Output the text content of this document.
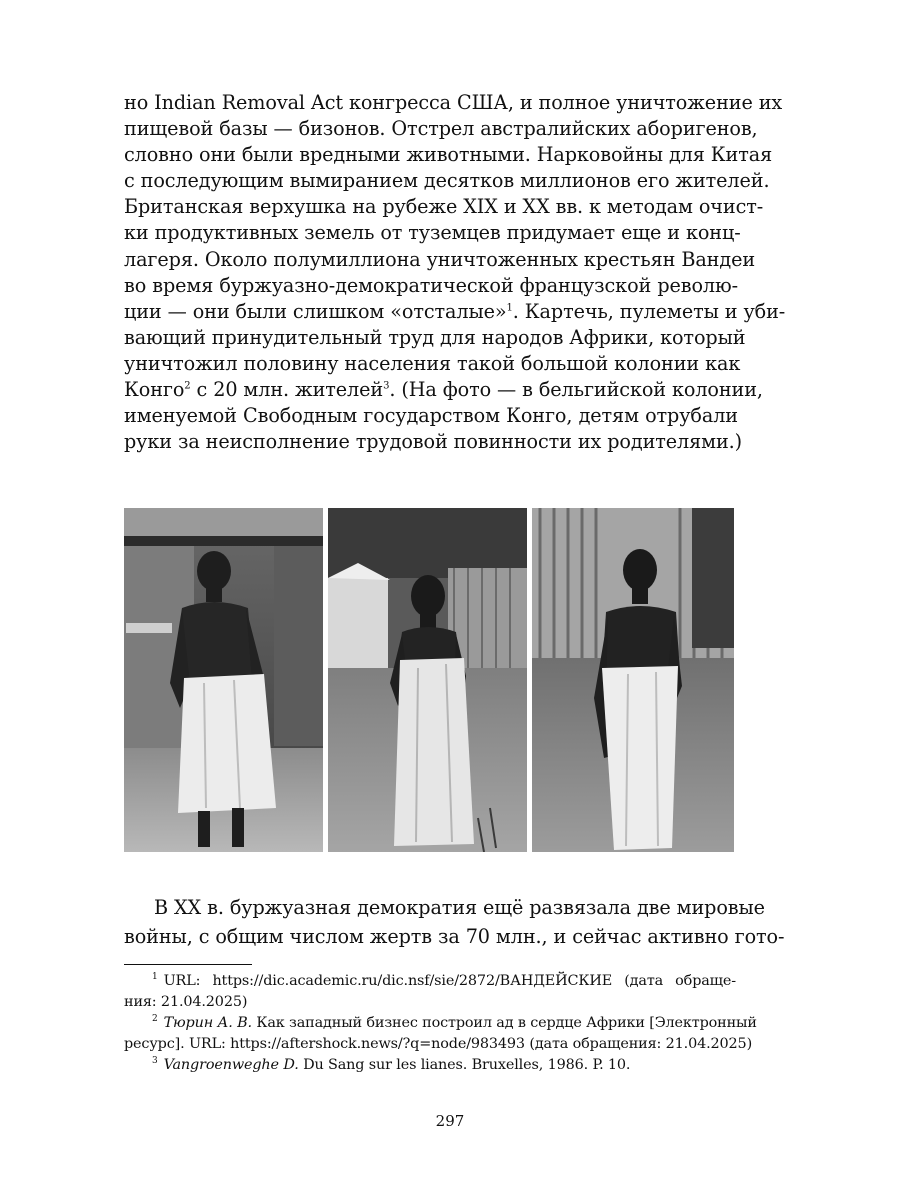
но Indian Removal Act конгресса США, и полное уничтожение их
пищевой базы — бизонов. Отстрел австралийских аборигенов,
словно они были вредными животными. Нарковойны для Китая
с последующим вымиранием десятков миллионов его жителей.
Британская верхушка на рубеже XIX и XX вв. к методам очист-
ки продуктивных земель от туземцев придумает еще и конц-
лагеря. Около полумиллиона уничтоженных крестьян Вандеи
во время буржуазно-демократической французской револю-
ции — они были слишком «отсталые»$^1$. Картечь, пулеметы и уби-
вающий принудительный труд для народов Африки, который
уничтожил половину населения такой большой колонии как
Конго$^2$ с 20 млн. жителей$^3$. (На фото — в бельгийской колонии,
именуемой Свободным государством Конго, детям отрубали
руки за неисполнение трудовой повинности их родителями.)
В XX в. буржуазная демократия ещё развязала две мировые
войны, с общим числом жертв за 70 млн., и сейчас активно гото-
$^1$ URL: https://dic.academic.ru/dic.nsf/sie/2872/ВАНДЕЙСКИЕ (дата обраще-
ния: 21.04.2025)
$^2$ Тюрин А. В. Как западный бизнес построил ад в сердце Африки [Электронный
ресурс]. URL: https://aftershock.news/?q=node/983493 (дата обращения: 21.04.2025)
$^3$ Vangroenweghe D. Du Sang sur les lianes. Bruxelles, 1986. P. 10.
297
